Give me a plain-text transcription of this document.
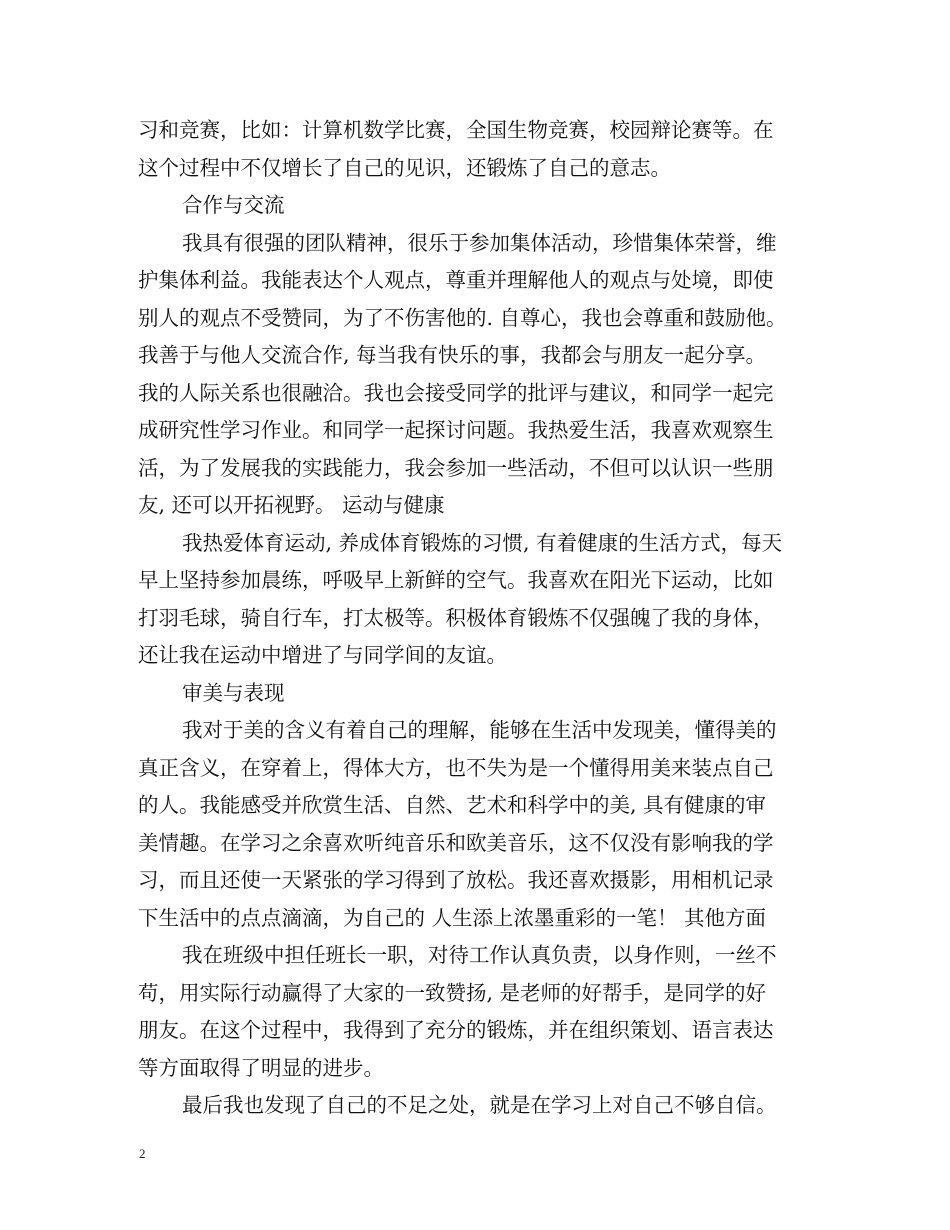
习和竞赛，比如：计算机数学比赛，全国生物竞赛，校园辩论赛等。在
这个过程中不仅增长了自己的见识，还锻炼了自己的意志。
合作与交流
我具有很强的团队精神，很乐于参加集体活动，珍惜集体荣誉，维
护集体利益。我能表达个人观点，尊重并理解他人的观点与处境，即使
别人的观点不受赞同，为了不伤害他的. 自尊心，我也会尊重和鼓励他。
我善于与他人交流合作, 每当我有快乐的事，我都会与朋友一起分享。
我的人际关系也很融洽。我也会接受同学的批评与建议，和同学一起完
成研究性学习作业。和同学一起探讨问题。我热爱生活，我喜欢观察生
活，为了发展我的实践能力，我会参加一些活动，不但可以认识一些朋
友, 还可以开拓视野。 运动与健康
我热爱体育运动, 养成体育锻炼的习惯, 有着健康的生活方式，每天
早上坚持参加晨练，呼吸早上新鲜的空气。我喜欢在阳光下运动，比如
打羽毛球，骑自行车，打太极等。积极体育锻炼不仅强魄了我的身体，
还让我在运动中增进了与同学间的友谊。
审美与表现
我对于美的含义有着自己的理解，能够在生活中发现美，懂得美的
真正含义，在穿着上，得体大方，也不失为是一个懂得用美来装点自己
的人。我能感受并欣赏生活、自然、艺术和科学中的美, 具有健康的审
美情趣。在学习之余喜欢听纯音乐和欧美音乐，这不仅没有影响我的学
习，而且还使一天紧张的学习得到了放松。我还喜欢摄影，用相机记录
下生活中的点点滴滴，为自己的 人生添上浓墨重彩的一笔！ 其他方面
我在班级中担任班长一职，对待工作认真负责，以身作则，一丝不
苟，用实际行动赢得了大家的一致赞扬, 是老师的好帮手，是同学的好
朋友。在这个过程中，我得到了充分的锻炼，并在组织策划、语言表达
等方面取得了明显的进步。
最后我也发现了自己的不足之处，就是在学习上对自己不够自信。
2
